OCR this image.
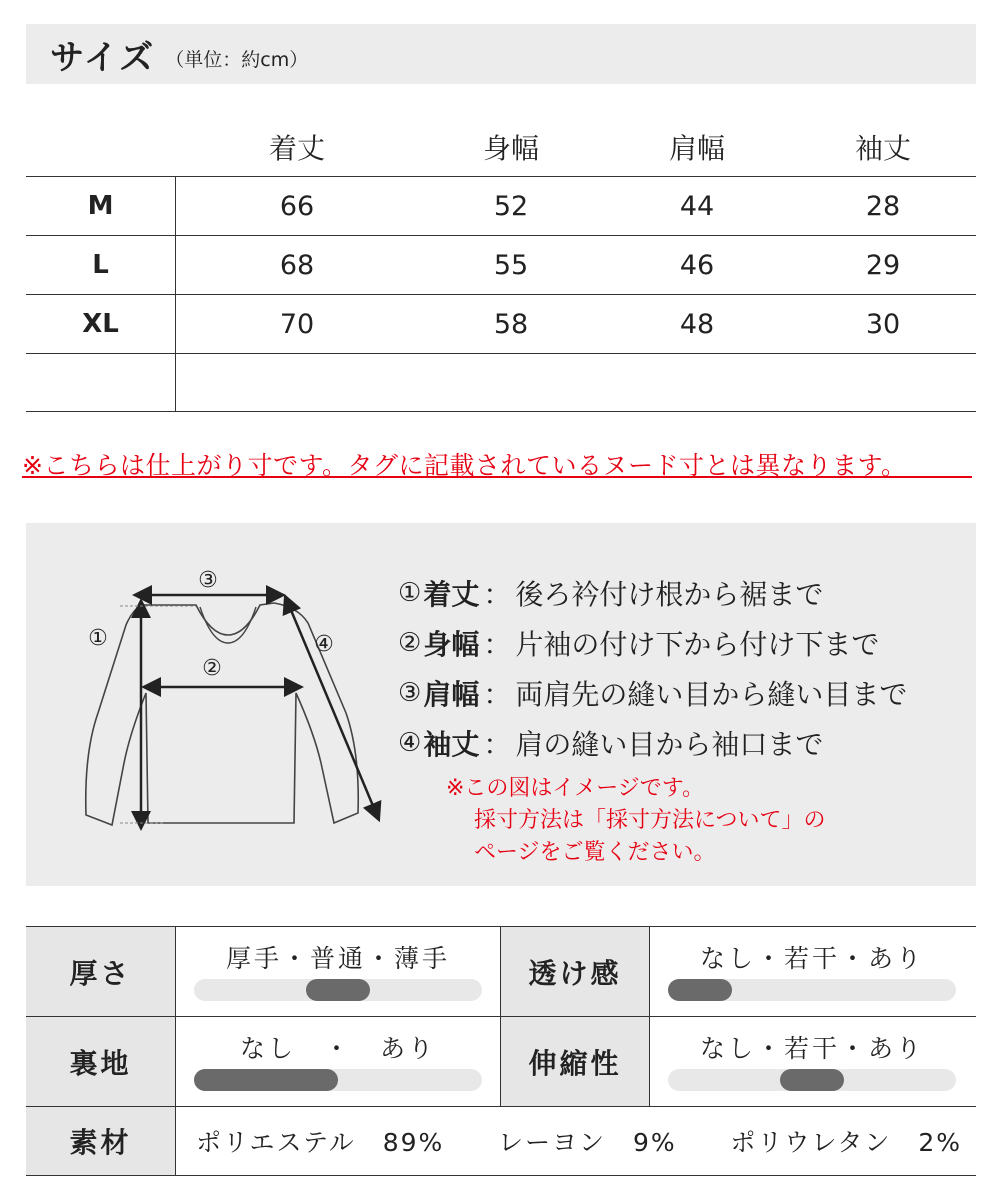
サイズ （単位：約cm）
着丈	身幅	肩幅	袖丈
M	66	52	44	28
L	68	55	46	29
XL	70	58	48	30
※こちらは仕上がり寸です。タグに記載されているヌード寸とは異なります。
①
②
③
④
① 着丈 ： 後ろ衿付け根から裾まで
② 身幅 ： 片袖の付け下から付け下まで
③ 肩幅 ： 両肩先の縫い目から縫い目まで
④ 袖丈 ： 肩の縫い目から袖口まで
※この図はイメージです。
採寸方法は「採寸方法について」の
ページをご覧ください。
厚さ	厚手・普通・薄手	透け感	なし・若干・あり
裏地	なし　・　あり	伸縮性	なし・若干・あり
素材	ポリエステル　89% レーヨン　9% ポリウレタン　2%
